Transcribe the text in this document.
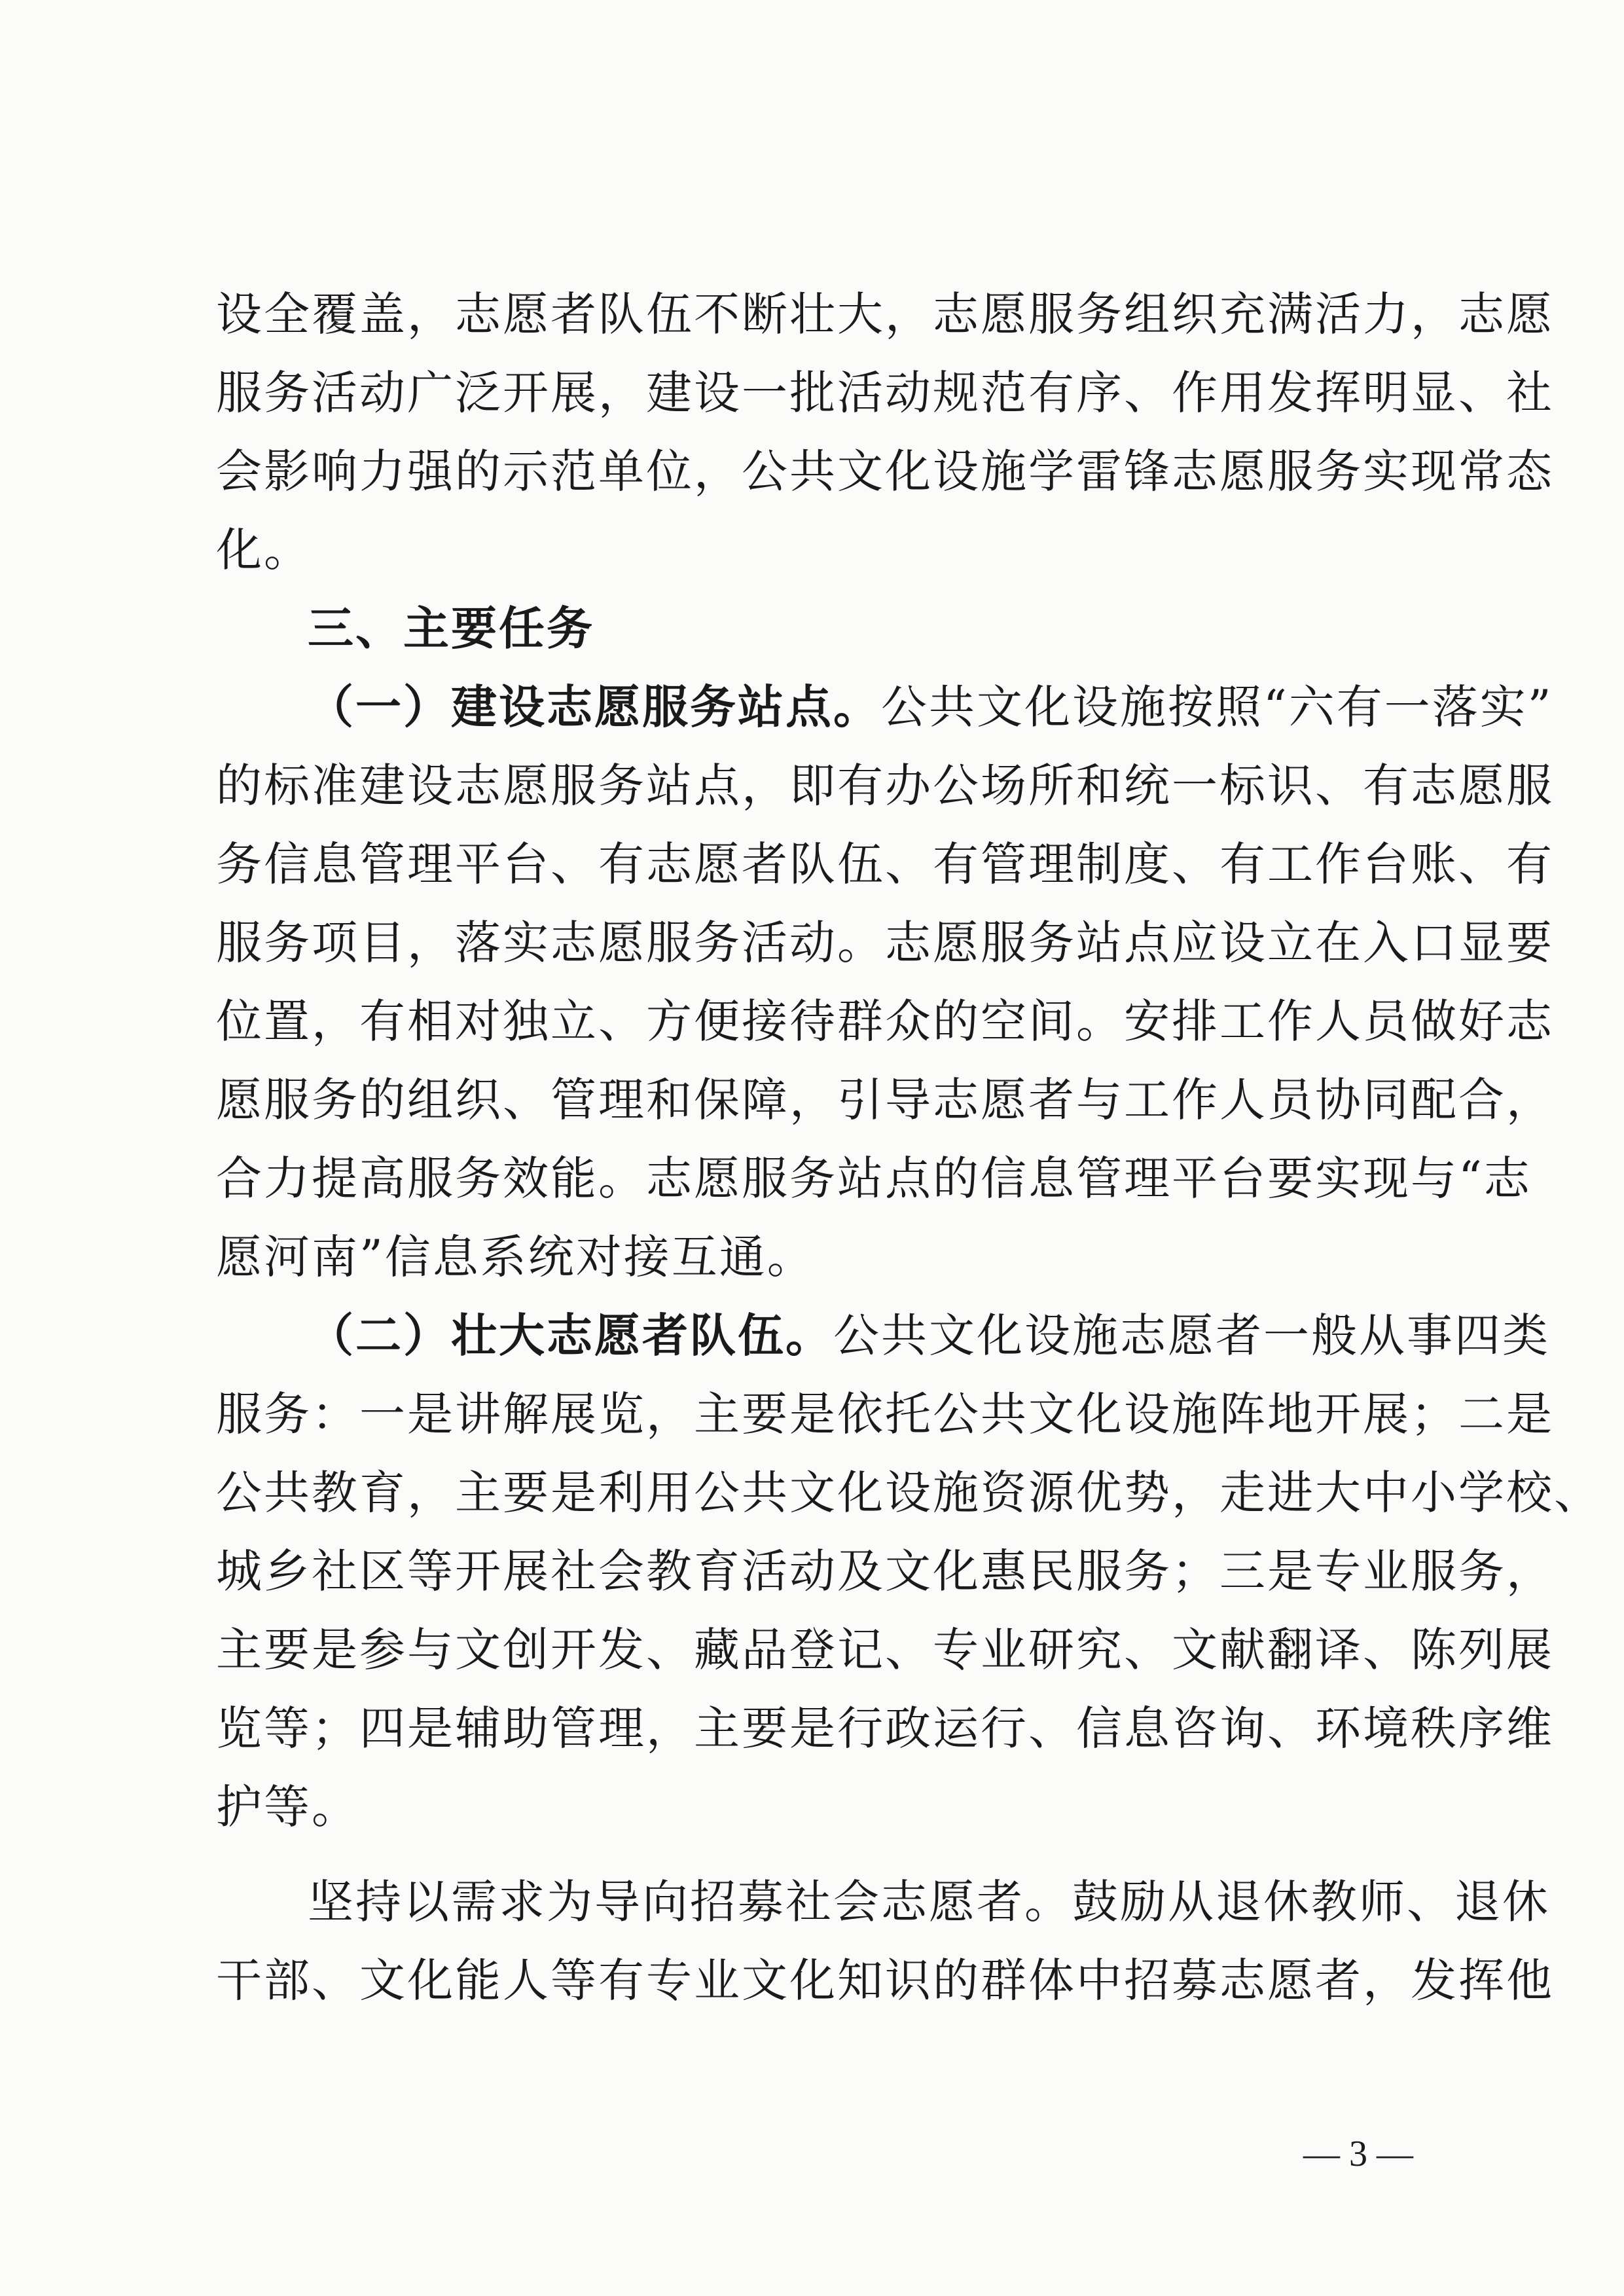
设全覆盖，志愿者队伍不断壮大，志愿服务组织充满活力，志愿
服务活动广泛开展，建设一批活动规范有序、作用发挥明显、社
会影响力强的示范单位，公共文化设施学雷锋志愿服务实现常态
化。
三、主要任务
（一）建设志愿服务站点。公共文化设施按照“六有一落实”
的标准建设志愿服务站点，即有办公场所和统一标识、有志愿服
务信息管理平台、有志愿者队伍、有管理制度、有工作台账、有
服务项目，落实志愿服务活动。志愿服务站点应设立在入口显要
位置，有相对独立、方便接待群众的空间。安排工作人员做好志
愿服务的组织、管理和保障，引导志愿者与工作人员协同配合，
合力提高服务效能。志愿服务站点的信息管理平台要实现与“志
愿河南”信息系统对接互通。
（二）壮大志愿者队伍。公共文化设施志愿者一般从事四类
服务：一是讲解展览，主要是依托公共文化设施阵地开展；二是
公共教育，主要是利用公共文化设施资源优势，走进大中小学校、
城乡社区等开展社会教育活动及文化惠民服务；三是专业服务，
主要是参与文创开发、藏品登记、专业研究、文献翻译、陈列展
览等；四是辅助管理，主要是行政运行、信息咨询、环境秩序维
护等。
坚持以需求为导向招募社会志愿者。鼓励从退休教师、退休
干部、文化能人等有专业文化知识的群体中招募志愿者，发挥他
— 3 —
